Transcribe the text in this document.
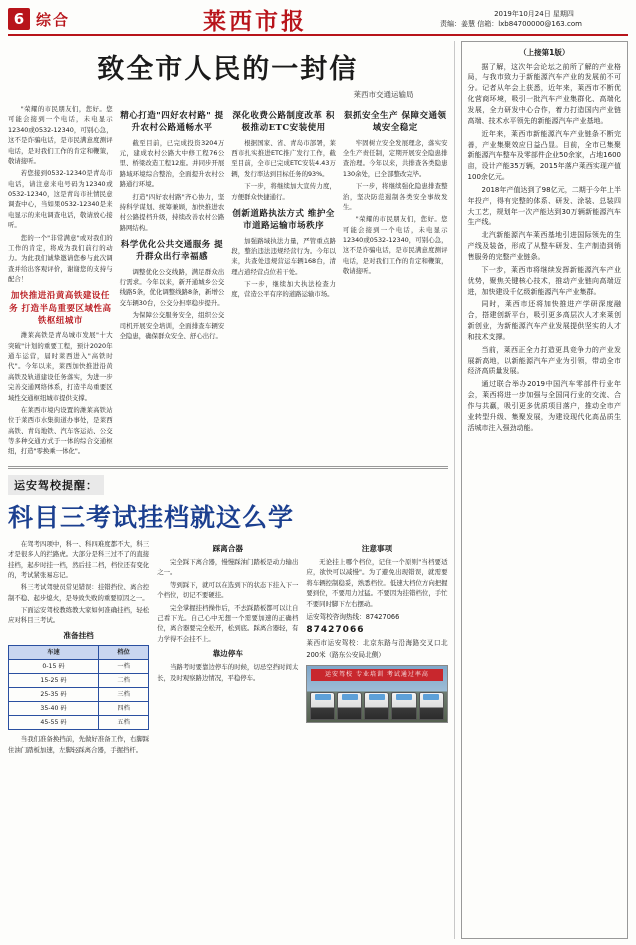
6 综合	莱西市报	2019年10月24日 星期四
责编：姜慧 信箱：lxb84700000@163.com
致全市人民的一封信
莱西市交通运输局

"荣耀的市民朋友们，您好。您可能会接到一个电话，未电显示12340或0532-12340，可别心急，这不是诈骗电话，是市民满意度测评电话，是对我们工作的肯定和鞭策，敬请接听。

若您接到0532-12340是青岛市电话，请注意来电号码为12340或0532-12340，这是青岛市社情民意调查中心，当如果0532-12340是来电显示的来电调查电话，敬请放心接听。

您的一个"非常满意"或对我们的工作的肯定，将成为我们前行的动力。为此我们诚挚邀请您参与此次调查并给出客观评价，谢谢您的支持与配合！

加快推进沿黄高铁建设任务 打造半岛重要区域性高铁枢纽城市

潍莱高铁是青岛城市发展"十大突破"计划的重要工程，预计2020年通车运营，届时莱西进入"高铁时代"。今年以来，莱西加快推进沿黄高铁及轨道建设任务落实，为进一步完善交通网络体系，打造半岛重要区域性交通枢纽城市提供支撑。

在莱西市境内设置的潍莱高铁站位于莱西市水集街道办事处，是莱西高铁、青岛地铁、汽车客运站、公交等多种交通方式于一体的综合交通枢纽，打造"零换乘一体化"。

精心打造"四好农村路" 提升农村公路通畅水平

截至目前，已完成投资3204万元，建成农村公路大中修工程76公里、桥梁改造工程12座。并同步开展路域环境综合整治，全面提升农村公路通行环境。

打造"四好农村路"齐心协力，坚持科学谋划、统筹兼顾，加快推进农村公路提档升级，持续改善农村公路路网结构。

科学优化公共交通服务 提升群众出行幸福感

调整优化公交线路，满足群众出行需求。今年以来，新开通城乡公交线路5条，优化调整线路8条，新增公交车辆30台，公交分担率稳步提升。

为保障公交服务安全，组织公交司机开展安全培训，全面排查车辆安全隐患，确保群众安全、舒心出行。

深化收费公路制度改革 积极推动ETC安装使用

根据国家、省、青岛市部署，莱西市扎实推进ETC推广发行工作，截至目前，全市已完成ETC安装4.43万辆，发行率达到目标任务的93%。

下一步，将继续加大宣传力度，方便群众快捷通行。

创新道路执法方式 维护全市道路运输市场秩序

加强路域执法力量，严管重点路段，整治违法违规经营行为。今年以来，共查处违规营运车辆168台，清理占道经营点位若干处。

下一步，继续加大执法检查力度，营造公平有序的道路运输市场。

狠抓安全生产 保障交通领域安全稳定

牢固树立安全发展理念，落实安全生产责任制，定期开展安全隐患排查治理。今年以来，共排查各类隐患130余处，已全部整改完毕。

下一步，将继续强化隐患排查整治，坚决防范遏制各类安全事故发生。

"荣耀的市民朋友们，您好。您可能会接到一个电话，未电显示12340或0532-12340，可别心急，这不是诈骗电话，是市民满意度测评电话，是对我们工作的肯定和鞭策，敬请接听。

运安驾校提醒：
科目三考试挂档就这么学

在驾考四项中，科一、科四难度都不大，科三才是很多人的拦路虎。大部分是科三过不了的直接挂档，起步时挂一档，然后挂二档，档位还有变化的，考试紧张易忘记。

科三考试驾驶员常见错误：挂错挡位、离合控制不稳、起步熄火，是导致失败的重要原因之一。

下面运安驾校教练教大家如何准确挂档，轻松应对科目三考试。

准备挂档
车速	档位
0-15 码	一档
15-25 码	二档
25-35 码	三档
35-40 码	四档
45-55 码	五档

当我们准备换挡前，先做好准备工作，右脚踩住油门踏板加速，左脚轻踩离合器，手握挡杆。

踩离合器

完全踩下离合器，慢慢踩油门踏板是动力输出之一。

等到踩下，就可以在选到下的状态下挂入下一个档位，切记不要硬挂。

完全掌握挂档操作后，不去踩踏板都可以让自己看下光。自己心中无想一个需要加速的正确档位，离合器要完全松开，松到底。踩离合器轻，有力学得不会挂不上。

靠边停车

当路考时要靠边停车的时候，切忌空挡时间太长，及时观察路边情况，平稳停车。

注意事项

无论挂上哪个档位，记住一个原则"当档要适应，欲快可以减慢"。为了避免出现错误，就需要将车辆控制稳妥，熟悉档位。低速大档位方向把握要到位，不要用力过猛。不要因为挂错档位，手忙不要同时脚下左右摆动。

运安驾校咨询热线：87427066
87427066
莱西市运安驾校：北京东路与沿海路交叉口北200米（路东公安局北侧）
运安驾校 专业培训 考试通过率高
（上接第1版）

据了解，这次年会论坛之前所了解的产业格局，与我市致力于新能源汽车产业的发展前不可分。记者从年会上获悉，近年来，莱西市不断优化营商环境，吸引一批汽车产业集群化、高端化发展，全力研发中心合作，着力打造国内产业链高端、技术水平领先的新能源汽车产业基地。

近年来，莱西市新能源汽车产业链条不断完善，产业集聚效应日益凸显。目前，全市已集聚新能源汽车整车及零部件企业50余家，占地1600亩，设计产能35万辆，2015年落户莱西实现产值100余亿元。

2018年产值达到了98亿元，二期于今年上半年投产，得有完整的体系、研发、涂装、总装四大工艺，规划年一次产能达到30万辆新能源汽车生产线。

北汽新能源汽车莱西基地引进国际领先的生产线及装备，形成了从整车研发、生产制造到销售服务的完整产业链条。

下一步，莱西市将继续发挥新能源汽车产业优势，聚焦关键核心技术，推动产业链向高端迈进，加快建设千亿级新能源汽车产业集群。

同时，莱西市还将加快推进产学研深度融合，搭建创新平台，吸引更多高层次人才来莱创新创业，为新能源汽车产业发展提供坚实的人才和技术支撑。

当前，莱西正全力打造更具竞争力的产业发展新高地，以新能源汽车产业为引领，带动全市经济高质量发展。

通过联合举办2019中国汽车零部件行业年会，莱西将进一步加强与全国同行业的交流、合作与共赢，吸引更多优质项目落户，推动全市产业转型升级、集聚发展，为建设现代化高品质生活城市注入强劲动能。
